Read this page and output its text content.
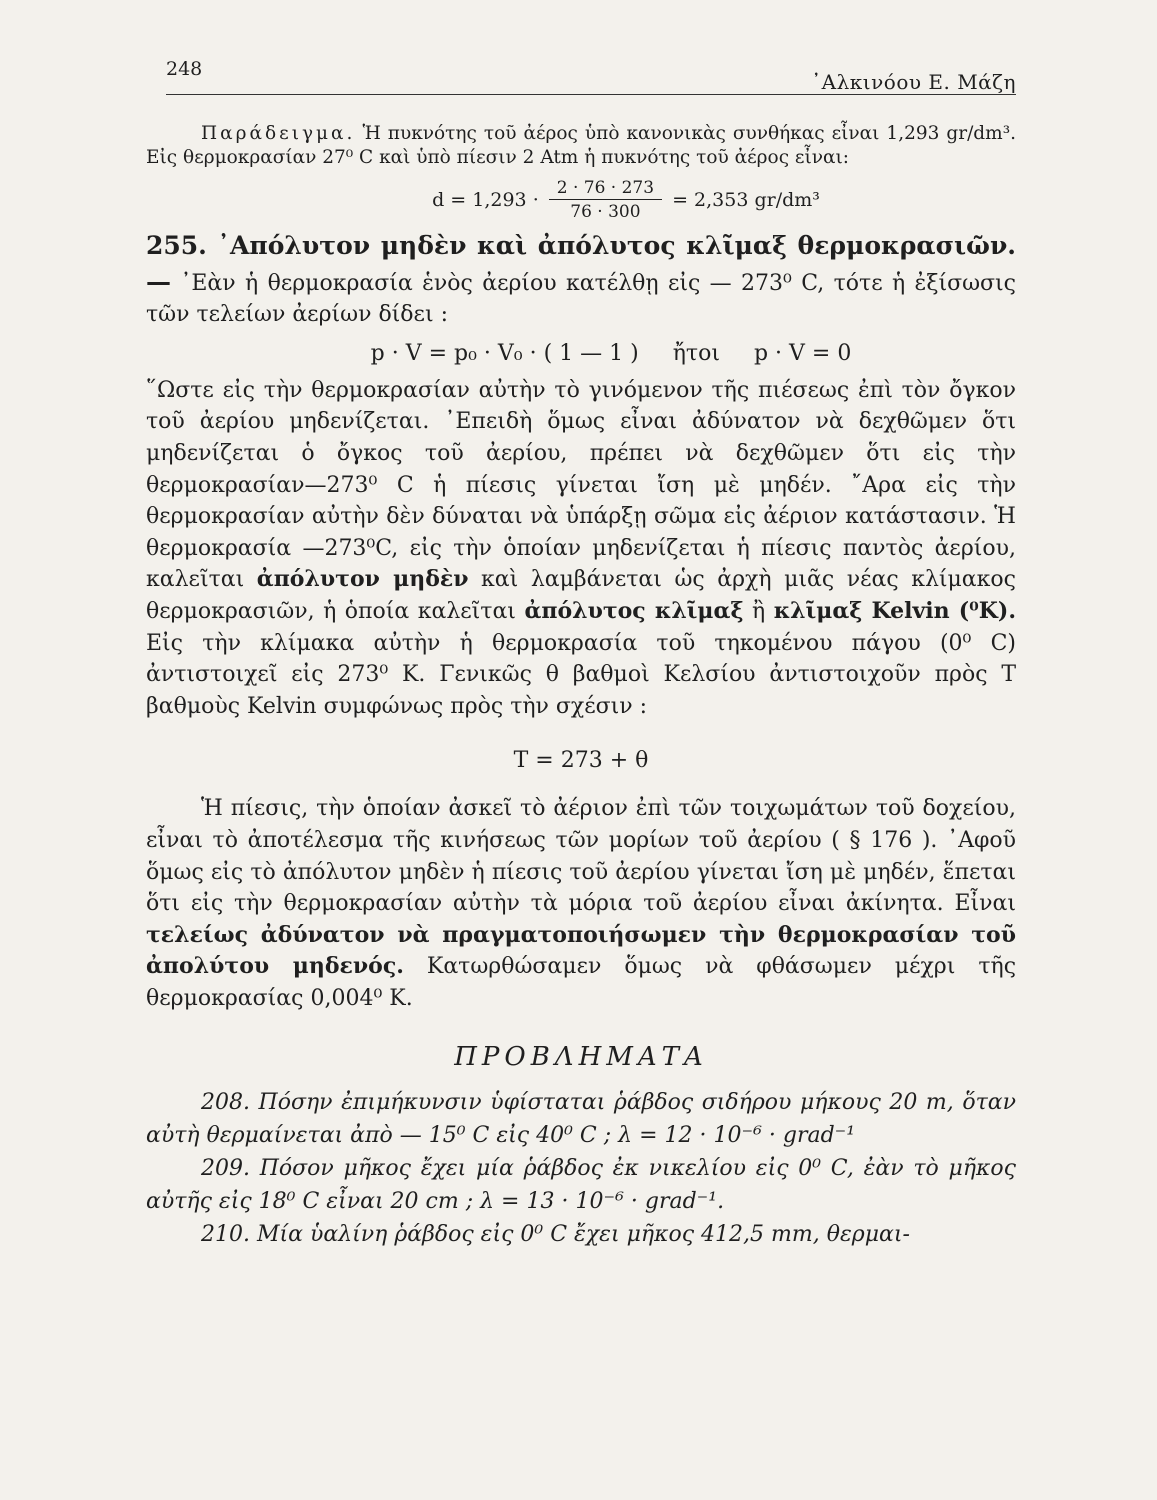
248
᾿Αλκινόου Ε. Μάζη

Παράδειγμα. Ἡ πυκνότης τοῦ ἀέρος ὑπὸ κανονικὰς συνθήκας εἶναι 1,293 gr/dm³. Εἰς θερμοκρασίαν 27⁰ C καὶ ὑπὸ πίεσιν 2 Atm ἡ πυκνότης τοῦ ἀέρος εἶναι:

$d = 1,293 \cdot \frac{2 \cdot 76 \cdot 273}{76 \cdot 300} = 2,353$ gr/dm³

255. ᾿Απόλυτον μηδὲν καὶ ἀπόλυτος κλῖμαξ θερμοκρασιῶν.— ᾿Εὰν ἡ θερμοκρασία ἑνὸς ἀερίου κατέλθῃ εἰς — 273⁰ C, τότε ἡ ἐξίσωσις τῶν τελείων ἀερίων δίδει :

p · V = p₀ · V₀ · ( 1 — 1 ) ἤτοι p · V = 0

῞Ωστε εἰς τὴν θερμοκρασίαν αὐτὴν τὸ γινόμενον τῆς πιέσεως ἐπὶ τὸν ὄγκον τοῦ ἀερίου μηδενίζεται. ᾿Επειδὴ ὅμως εἶναι ἀδύνατον νὰ δεχθῶμεν ὅτι μηδενίζεται ὁ ὄγκος τοῦ ἀερίου, πρέπει νὰ δεχθῶμεν ὅτι εἰς τὴν θερμοκρασίαν—273⁰ C ἡ πίεσις γίνεται ἴση μὲ μηδέν. ῎Αρα εἰς τὴν θερμοκρασίαν αὐτὴν δὲν δύναται νὰ ὑπάρξῃ σῶμα εἰς ἀέριον κατάστασιν. Ἡ θερμοκρασία —273⁰C, εἰς τὴν ὁποίαν μηδενίζεται ἡ πίεσις παντὸς ἀερίου, καλεῖται ἀπόλυτον μηδὲν καὶ λαμβάνεται ὡς ἀρχὴ μιᾶς νέας κλίμακος θερμοκρασιῶν, ἡ ὁποία καλεῖται ἀπόλυτος κλῖμαξ ἢ κλῖμαξ Kelvin (⁰K). Εἰς τὴν κλίμακα αὐτὴν ἡ θερμοκρασία τοῦ τηκομένου πάγου (0⁰ C) ἀντιστοιχεῖ εἰς 273⁰ K. Γενικῶς θ βαθμοὶ Κελσίου ἀντιστοιχοῦν πρὸς T βαθμοὺς Kelvin συμφώνως πρὸς τὴν σχέσιν :

T = 273 + θ

Ἡ πίεσις, τὴν ὁποίαν ἀσκεῖ τὸ ἀέριον ἐπὶ τῶν τοιχωμάτων τοῦ δοχείου, εἶναι τὸ ἀποτέλεσμα τῆς κινήσεως τῶν μορίων τοῦ ἀερίου ( § 176 ). ᾿Αφοῦ ὅμως εἰς τὸ ἀπόλυτον μηδὲν ἡ πίεσις τοῦ ἀερίου γίνεται ἴση μὲ μηδέν, ἕπεται ὅτι εἰς τὴν θερμοκρασίαν αὐτὴν τὰ μόρια τοῦ ἀερίου εἶναι ἀκίνητα. Εἶναι τελείως ἀδύνατον νὰ πραγματοποιήσωμεν τὴν θερμοκρασίαν τοῦ ἀπολύτου μηδενός. Κατωρθώσαμεν ὅμως νὰ φθάσωμεν μέχρι τῆς θερμοκρασίας 0,004⁰ K.

ΠΡΟΒΛΗΜΑΤΑ

208. Πόσην ἐπιμήκυνσιν ὑφίσταται ῥάβδος σιδήρου μήκους 20 m, ὅταν αὐτὴ θερμαίνεται ἀπὸ — 15⁰ C εἰς 40⁰ C ; λ = 12 · 10⁻⁶ · grad⁻¹

209. Πόσον μῆκος ἔχει μία ῥάβδος ἐκ νικελίου εἰς 0⁰ C, ἐὰν τὸ μῆκος αὐτῆς εἰς 18⁰ C εἶναι 20 cm ; λ = 13 · 10⁻⁶ · grad⁻¹.

210. Μία ὑαλίνη ῥάβδος εἰς 0⁰ C ἔχει μῆκος 412,5 mm, θερμαι-
